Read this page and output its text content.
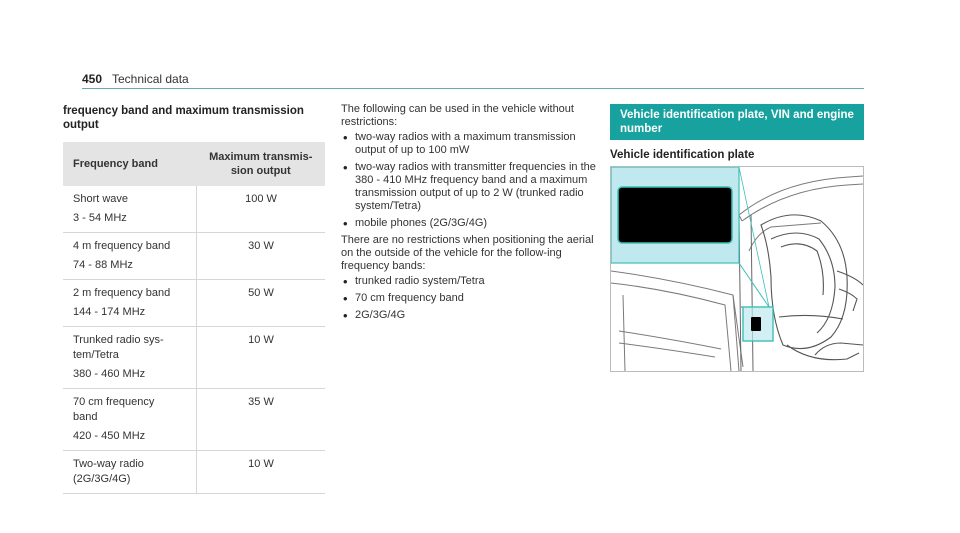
450 Technical data
frequency band and maximum transmission output
Frequency band	Maximum transmis-sion output

Short wave
3 - 54 MHz	100 W

4 m frequency band
74 - 88 MHz	30 W

2 m frequency band
144 - 174 MHz	50 W

Trunked radio sys-
tem/Tetra
380 - 460 MHz	10 W

70 cm frequency
band
420 - 450 MHz	35 W

Two-way radio
(2G/3G/4G)	10 W

The following can be used in the vehicle without restrictions:

• two-way radios with a maximum transmission output of up to 100 mW
• two-way radios with transmitter frequencies in the 380 - 410 MHz frequency band and a maximum transmission output of up to 2 W (trunked radio system/Tetra)
• mobile phones (2G/3G/4G)

There are no restrictions when positioning the aerial on the outside of the vehicle for the follow-ing frequency bands:

• trunked radio system/Tetra
• 70 cm frequency band
• 2G/3G/4G
Vehicle identification plate, VIN and engine number
Vehicle identification plate
